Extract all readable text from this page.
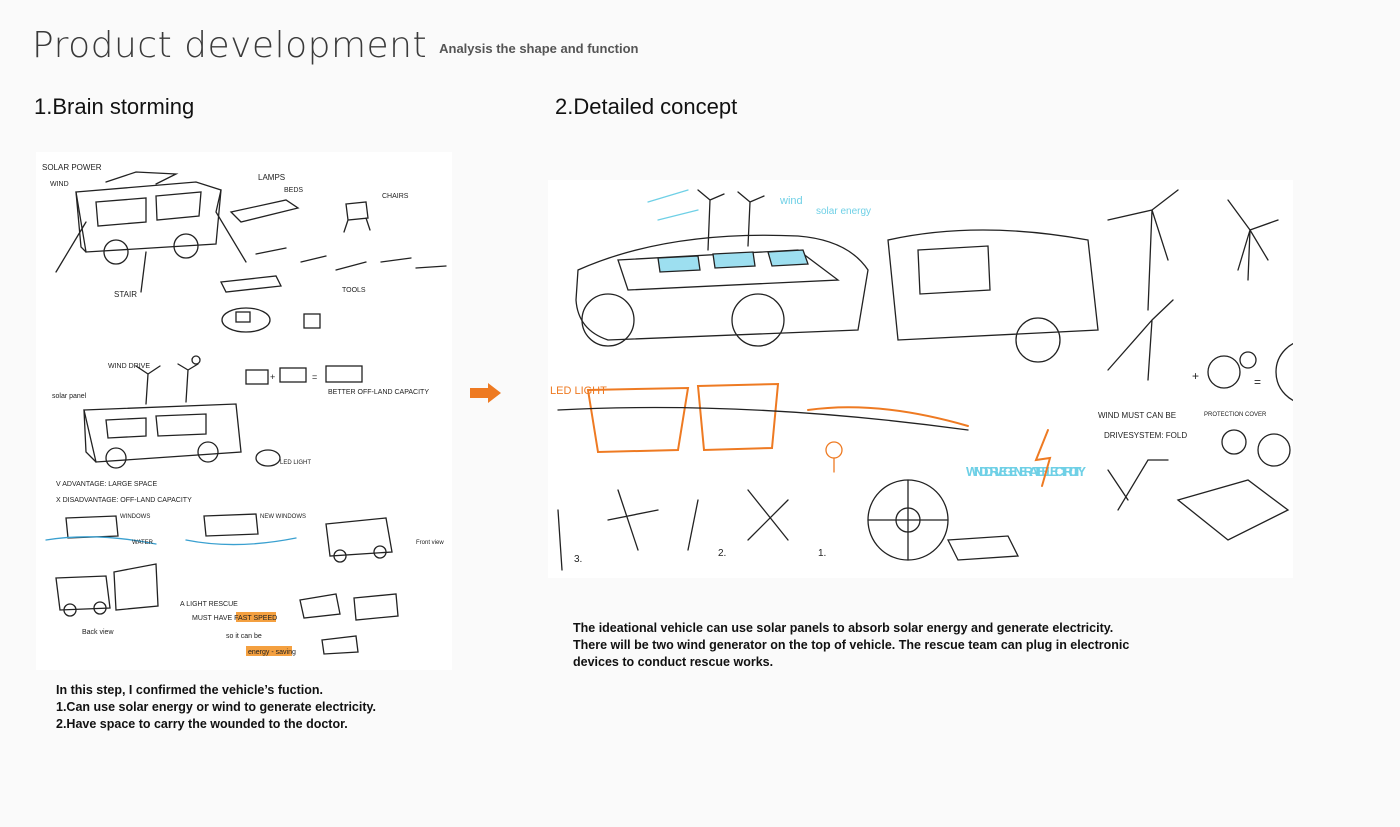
Product development Analysis the shape and function
1.Brain storming	2.Detailed concept
SOLAR POWER
WIND
LAMPS
BEDS
CHAIRS
STAIR	TOOLS
WIND DRIVE
solar panel
+	=
BETTER OFF-LAND CAPACITY
LED LIGHT
V ADVANTAGE: LARGE SPACE
X DISADVANTAGE: OFF-LAND CAPACITY
WINDOWS
WATER
NEW WINDOWS
Front view
Back view
A LIGHT RESCUE
MUST HAVE FAST SPEED
so it can be
energy - saving
wind
solar energy
LED LIGHT
3.
2.	1.
WIND DRIVE GENERATE ELECTRICITY
+	=
WIND MUST CAN BE
DRIVESYSTEM: FOLD
PROTECTION COVER
In this step, I confirmed the vehicle’s fuction.
1.Can use solar energy or wind to generate electricity.
2.Have space to carry the wounded to the doctor.
The ideational vehicle can use solar panels to absorb solar energy and generate electricity.
There will be two wind generator on the top of vehicle. The rescue team can plug in electronic
devices to conduct rescue works.
